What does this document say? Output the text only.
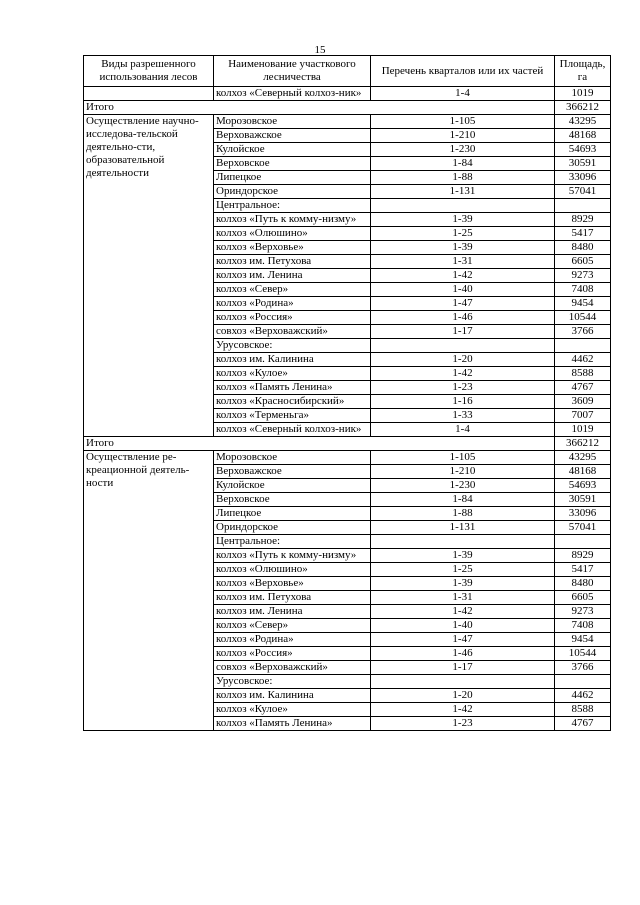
15
Виды разрешенного использования лесов	Наименование участкового лесничества	Перечень кварталов или их частей	Площадь, га
	колхоз «Северный колхоз-ник»	1-4	1019
Итого			366212
Осуществление научно-исследова-тельской деятельно-сти, образовательной деятельности	Морозовское	1-105	43295
	Верховажское	1-210	48168
	Кулойское	1-230	54693
	Верховское	1-84	30591
	Липецкое	1-88	33096
	Ориндорское	1-131	57041
	Центральное:		
	колхоз «Путь к комму-низму»	1-39	8929
	колхоз «Олюшино»	1-25	5417
	колхоз «Верховье»	1-39	8480
	колхоз им. Петухова	1-31	6605
	колхоз им. Ленина	1-42	9273
	колхоз «Север»	1-40	7408
	колхоз «Родина»	1-47	9454
	колхоз «Россия»	1-46	10544
	совхоз «Верховажский»	1-17	3766
	Урусовское:		
	колхоз им. Калинина	1-20	4462
	колхоз «Кулое»	1-42	8588
	колхоз «Память Ленина»	1-23	4767
	колхоз «Красносибирский»	1-16	3609
	колхоз «Терменьга»	1-33	7007
	колхоз «Северный колхоз-ник»	1-4	1019
Итого			366212
Осуществление ре-креационной деятель-ности	Морозовское	1-105	43295
	Верховажское	1-210	48168
	Кулойское	1-230	54693
	Верховское	1-84	30591
	Липецкое	1-88	33096
	Ориндорское	1-131	57041
	Центральное:		
	колхоз «Путь к комму-низму»	1-39	8929
	колхоз «Олюшино»	1-25	5417
	колхоз «Верховье»	1-39	8480
	колхоз им. Петухова	1-31	6605
	колхоз им. Ленина	1-42	9273
	колхоз «Север»	1-40	7408
	колхоз «Родина»	1-47	9454
	колхоз «Россия»	1-46	10544
	совхоз «Верховажский»	1-17	3766
	Урусовское:		
	колхоз им. Калинина	1-20	4462
	колхоз «Кулое»	1-42	8588
	колхоз «Память Ленина»	1-23	4767
